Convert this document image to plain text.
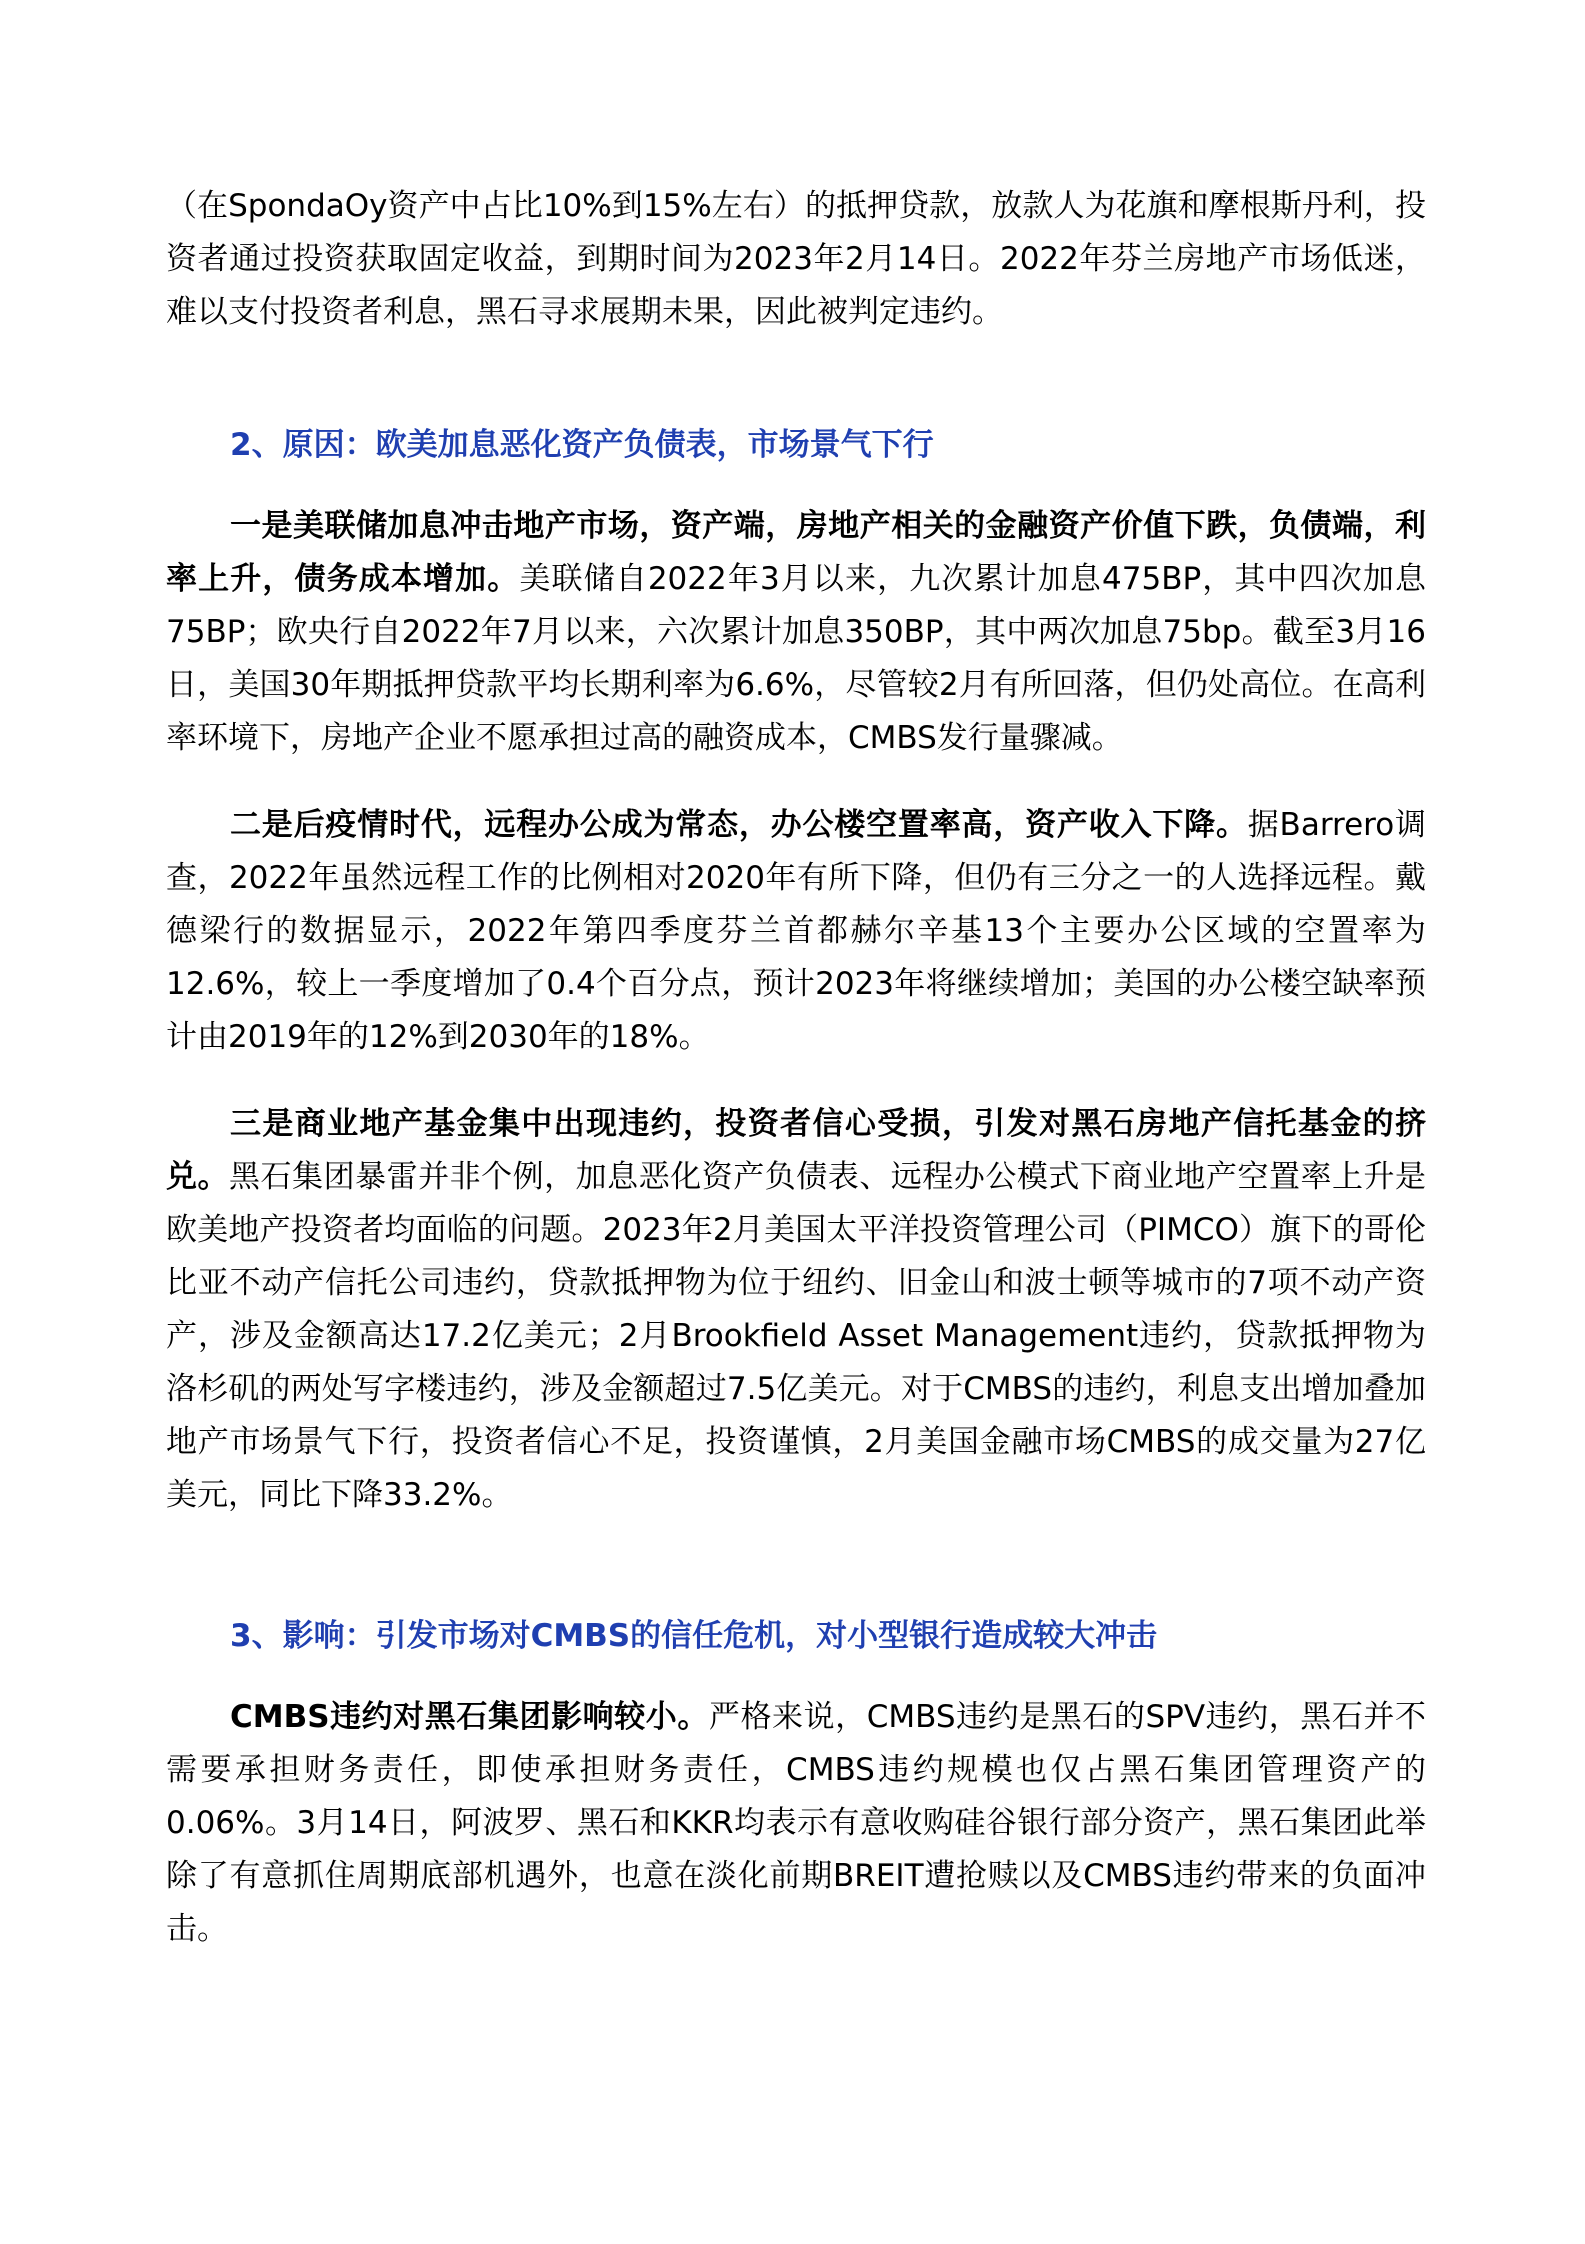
（在SpondaOy资产中占比10%到15%左右）的抵押贷款，放款人为花旗和摩根斯丹利，投资者通过投资获取固定收益，到期时间为2023年2月14日。2022年芬兰房地产市场低迷，难以支付投资者利息，黑石寻求展期未果，因此被判定违约。

2、原因：欧美加息恶化资产负债表，市场景气下行

一是美联储加息冲击地产市场，资产端，房地产相关的金融资产价值下跌，负债端，利率上升，债务成本增加。美联储自2022年3月以来，九次累计加息475BP，其中四次加息75BP；欧央行自2022年7月以来，六次累计加息350BP，其中两次加息75bp。截至3月16日，美国30年期抵押贷款平均长期利率为6.6%，尽管较2月有所回落，但仍处高位。在高利率环境下，房地产企业不愿承担过高的融资成本，CMBS发行量骤减。

二是后疫情时代，远程办公成为常态，办公楼空置率高，资产收入下降。据Barrero调查，2022年虽然远程工作的比例相对2020年有所下降，但仍有三分之一的人选择远程。戴德梁行的数据显示，2022年第四季度芬兰首都赫尔辛基13个主要办公区域的空置率为12.6%，较上一季度增加了0.4个百分点，预计2023年将继续增加；美国的办公楼空缺率预计由2019年的12%到2030年的18%。

三是商业地产基金集中出现违约，投资者信心受损，引发对黑石房地产信托基金的挤兑。黑石集团暴雷并非个例，加息恶化资产负债表、远程办公模式下商业地产空置率上升是欧美地产投资者均面临的问题。2023年2月美国太平洋投资管理公司（PIMCO）旗下的哥伦比亚不动产信托公司违约，贷款抵押物为位于纽约、旧金山和波士顿等城市的7项不动产资产，涉及金额高达17.2亿美元；2月Brookfield Asset Management违约，贷款抵押物为洛杉矶的两处写字楼违约，涉及金额超过7.5亿美元。对于CMBS的违约，利息支出增加叠加地产市场景气下行，投资者信心不足，投资谨慎，2月美国金融市场CMBS的成交量为27亿美元，同比下降33.2%。

3、影响：引发市场对CMBS的信任危机，对小型银行造成较大冲击

CMBS违约对黑石集团影响较小。严格来说，CMBS违约是黑石的SPV违约，黑石并不需要承担财务责任，即使承担财务责任，CMBS违约规模也仅占黑石集团管理资产的0.06%。3月14日，阿波罗、黑石和KKR均表示有意收购硅谷银行部分资产，黑石集团此举除了有意抓住周期底部机遇外，也意在淡化前期BREIT遭抢赎以及CMBS违约带来的负面冲击。
